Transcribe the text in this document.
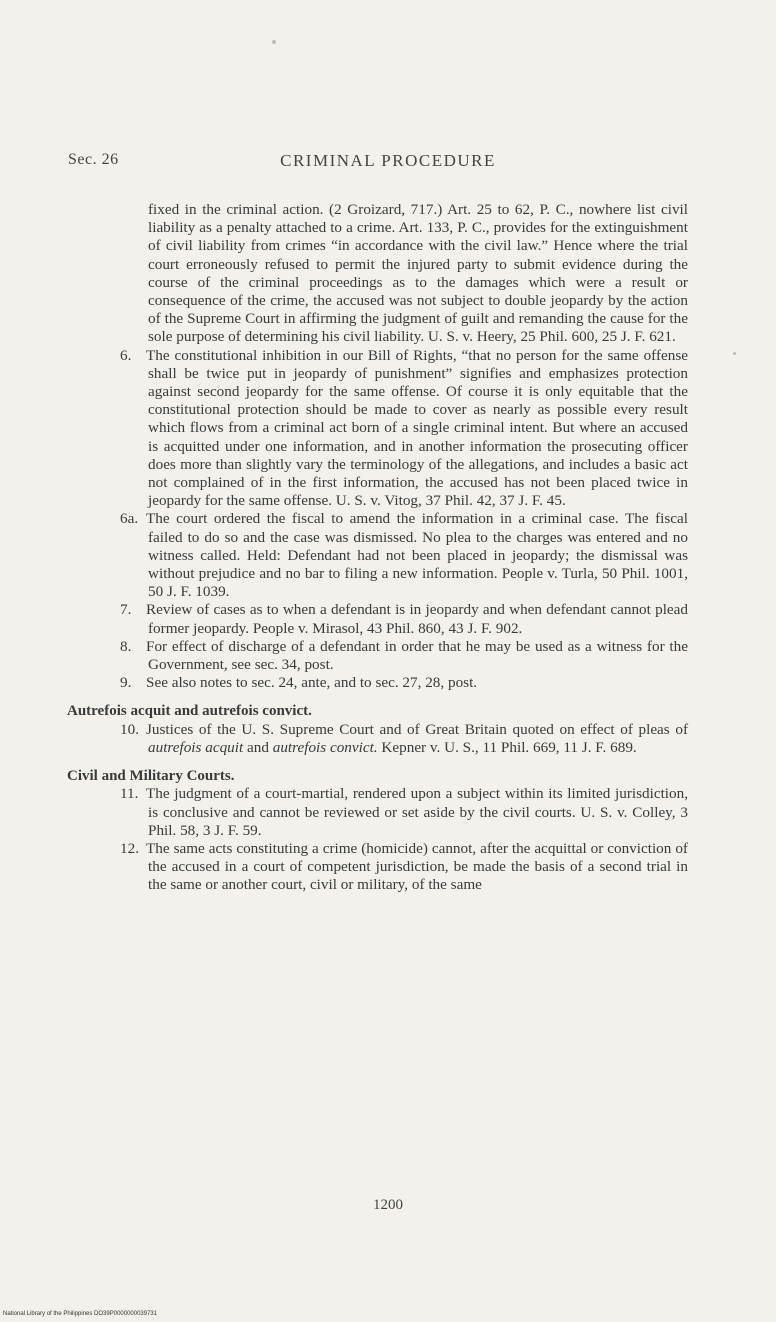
Sec. 26	CRIMINAL PROCEDURE
fixed in the criminal action. (2 Groizard, 717.) Art. 25 to 62, P. C., nowhere list civil liability as a penalty attached to a crime. Art. 133, P. C., provides for the extinguishment of civil liability from crimes “in accordance with the civil law.” Hence where the trial court erroneously refused to permit the injured party to submit evidence during the course of the criminal proceedings as to the damages which were a result or consequence of the crime, the accused was not subject to double jeopardy by the action of the Supreme Court in affirming the judgment of guilt and remanding the cause for the sole purpose of determining his civil liability. U. S. v. Heery, 25 Phil. 600, 25 J. F. 621.
6. The constitutional inhibition in our Bill of Rights, “that no person for the same offense shall be twice put in jeopardy of punishment” signifies and emphasizes protection against second jeopardy for the same offense. Of course it is only equitable that the constitutional protection should be made to cover as nearly as possible every result which flows from a criminal act born of a single criminal intent. But where an accused is acquitted under one information, and in another information the prosecuting officer does more than slightly vary the terminology of the allegations, and includes a basic act not complained of in the first information, the accused has not been placed twice in jeopardy for the same offense. U. S. v. Vitog, 37 Phil. 42, 37 J. F. 45.
6a. The court ordered the fiscal to amend the information in a criminal case. The fiscal failed to do so and the case was dismissed. No plea to the charges was entered and no witness called. Held: Defendant had not been placed in jeopardy; the dismissal was without prejudice and no bar to filing a new information. People v. Turla, 50 Phil. 1001, 50 J. F. 1039.
7. Review of cases as to when a defendant is in jeopardy and when defendant cannot plead former jeopardy. People v. Mirasol, 43 Phil. 860, 43 J. F. 902.
8. For effect of discharge of a defendant in order that he may be used as a witness for the Government, see sec. 34, post.
9. See also notes to sec. 24, ante, and to sec. 27, 28, post.
Autrefois acquit and autrefois convict.
10. Justices of the U. S. Supreme Court and of Great Britain quoted on effect of pleas of autrefois acquit and autrefois convict. Kepner v. U. S., 11 Phil. 669, 11 J. F. 689.
Civil and Military Courts.
11. The judgment of a court-martial, rendered upon a subject within its limited jurisdiction, is conclusive and cannot be reviewed or set aside by the civil courts. U. S. v. Colley, 3 Phil. 58, 3 J. F. 59.
12. The same acts constituting a crime (homicide) cannot, after the acquittal or conviction of the accused in a court of competent jurisdiction, be made the basis of a second trial in the same or another court, civil or military, of the same
1200
National Library of the Philippines DO39P0000000039731
